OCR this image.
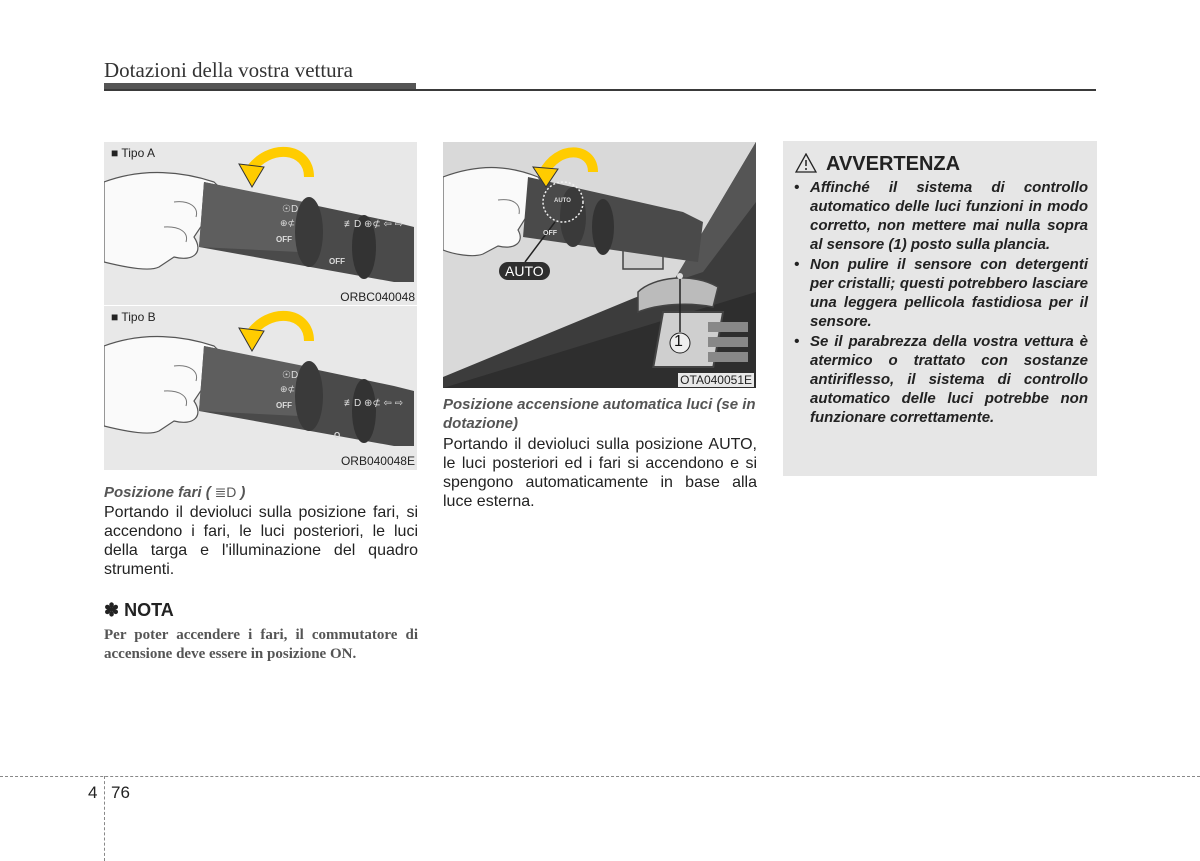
Dotazioni della vostra vettura
☉D
⊕⊄	≢D ⊕⊄ ⇦ ⇨
OFF
OFF
■ Tipo A
ORBC040048
☉D
⊕⊄
≢D ⊕⊄ ⇦ ⇨
OFF
O
■ Tipo B
ORB040048E
AUTO
OFF
AUTO
1
OTA040051E
Posizione fari ( ≣D )
Portando il devioluci sulla posizione fari, si accendono i fari, le luci posteriori, le luci della targa e l'illuminazione del quadro strumenti.
✽ NOTA
Per poter accendere i fari, il commutatore di accensione deve essere in posizione ON.
Posizione accensione automatica luci (se in dotazione)
Portando il devioluci sulla posizione AUTO, le luci posteriori ed i fari si accendono e si spengono automaticamente in base alla luce esterna.
AVVERTENZA
• Affinché il sistema di controllo automatico delle luci funzioni in modo corretto, non mettere mai nulla sopra al sensore (1) posto sulla plancia.
• Non pulire il sensore con detergenti per cristalli; questi potrebbero lasciare una leggera pellicola fastidiosa per il sensore.
• Se il parabrezza della vostra vettura è atermico o trattato con sostanze antiriflesso, il sistema di controllo automatico delle luci potrebbe non funzionare correttamente.
4 76
